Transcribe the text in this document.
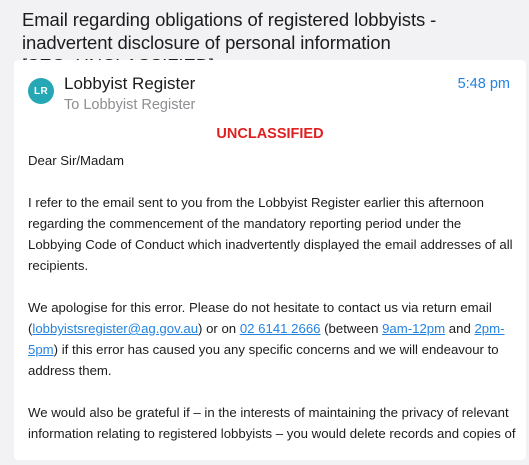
Email regarding obligations of registered lobbyists - inadvertent disclosure of personal information
LR Lobbyist Register
To Lobbyist Register
5:48 pm
UNCLASSIFIED

Dear Sir/Madam

I refer to the email sent to you from the Lobbyist Register earlier this afternoon regarding the commencement of the mandatory reporting period under the Lobbying Code of Conduct which inadvertently displayed the email addresses of all recipients.

We apologise for this error. Please do not hesitate to contact us via return email (lobbyistsregister@ag.gov.au) or on 02 6141 2666 (between 9am-12pm and 2pm-5pm) if this error has caused you any specific concerns and we will endeavour to address them.

We would also be grateful if – in the interests of maintaining the privacy of relevant information relating to registered lobbyists – you would delete records and copies of
